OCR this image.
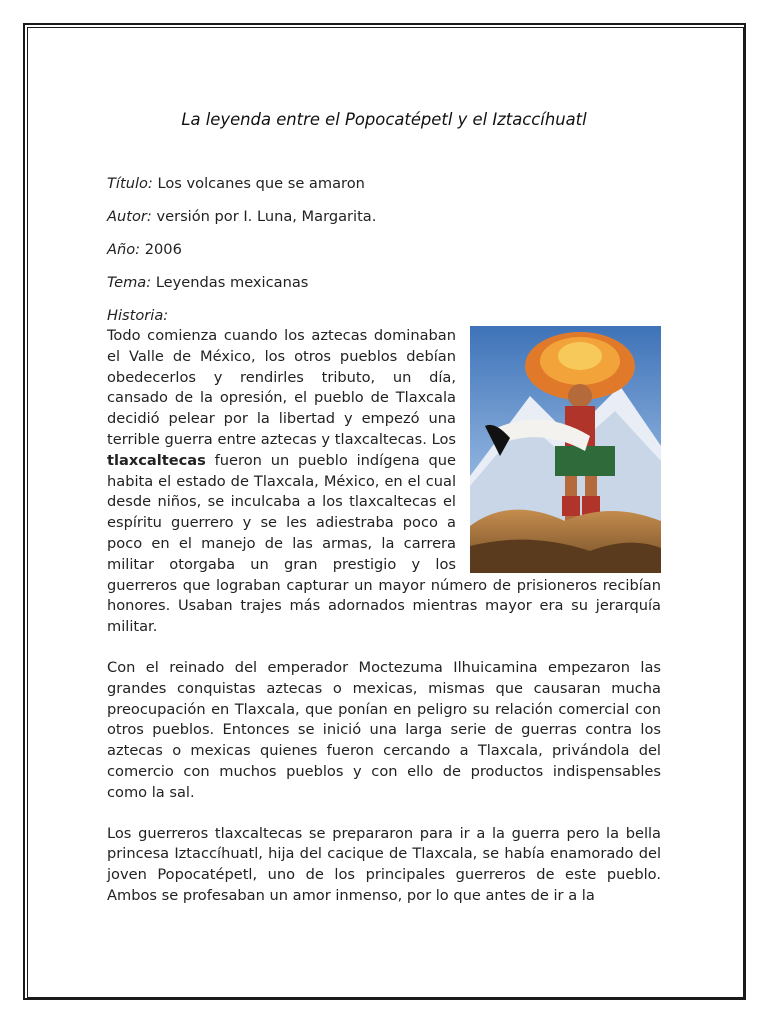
La leyenda entre el Popocatépetl y el Iztaccíhuatl

Título: Los volcanes que se amaron

Autor: versión por I. Luna, Margarita.

Año: 2006

Tema: Leyendas mexicanas

Historia:

Todo comienza cuando los aztecas dominaban el Valle de México, los otros pueblos debían obedecerlos y rendirles tributo, un día, cansado de la opresión, el pueblo de Tlaxcala decidió pelear por la libertad y empezó una terrible guerra entre aztecas y tlaxcaltecas. Los tlaxcaltecas fueron un pueblo indígena que habita el estado de Tlaxcala, México, en el cual desde niños, se inculcaba a los tlaxcaltecas el espíritu guerrero y se les adiestraba poco a poco en el manejo de las armas, la carrera militar otorgaba un gran prestigio y los guerreros que lograban capturar un mayor número de prisioneros recibían honores. Usaban trajes más adornados mientras mayor era su jerarquía militar.

Con el reinado del emperador Moctezuma Ilhuicamina empezaron las grandes conquistas aztecas o mexicas, mismas que causaran mucha preocupación en Tlaxcala, que ponían en peligro su relación comercial con otros pueblos. Entonces se inició una larga serie de guerras contra los aztecas o mexicas quienes fueron cercando a Tlaxcala, privándola del comercio con muchos pueblos y con ello de productos indispensables como la sal.

Los guerreros tlaxcaltecas se prepararon para ir a la guerra pero la bella princesa Iztaccíhuatl, hija del cacique de Tlaxcala, se había enamorado del joven Popocatépetl, uno de los principales guerreros de este pueblo. Ambos se profesaban un amor inmenso, por lo que antes de ir a la
